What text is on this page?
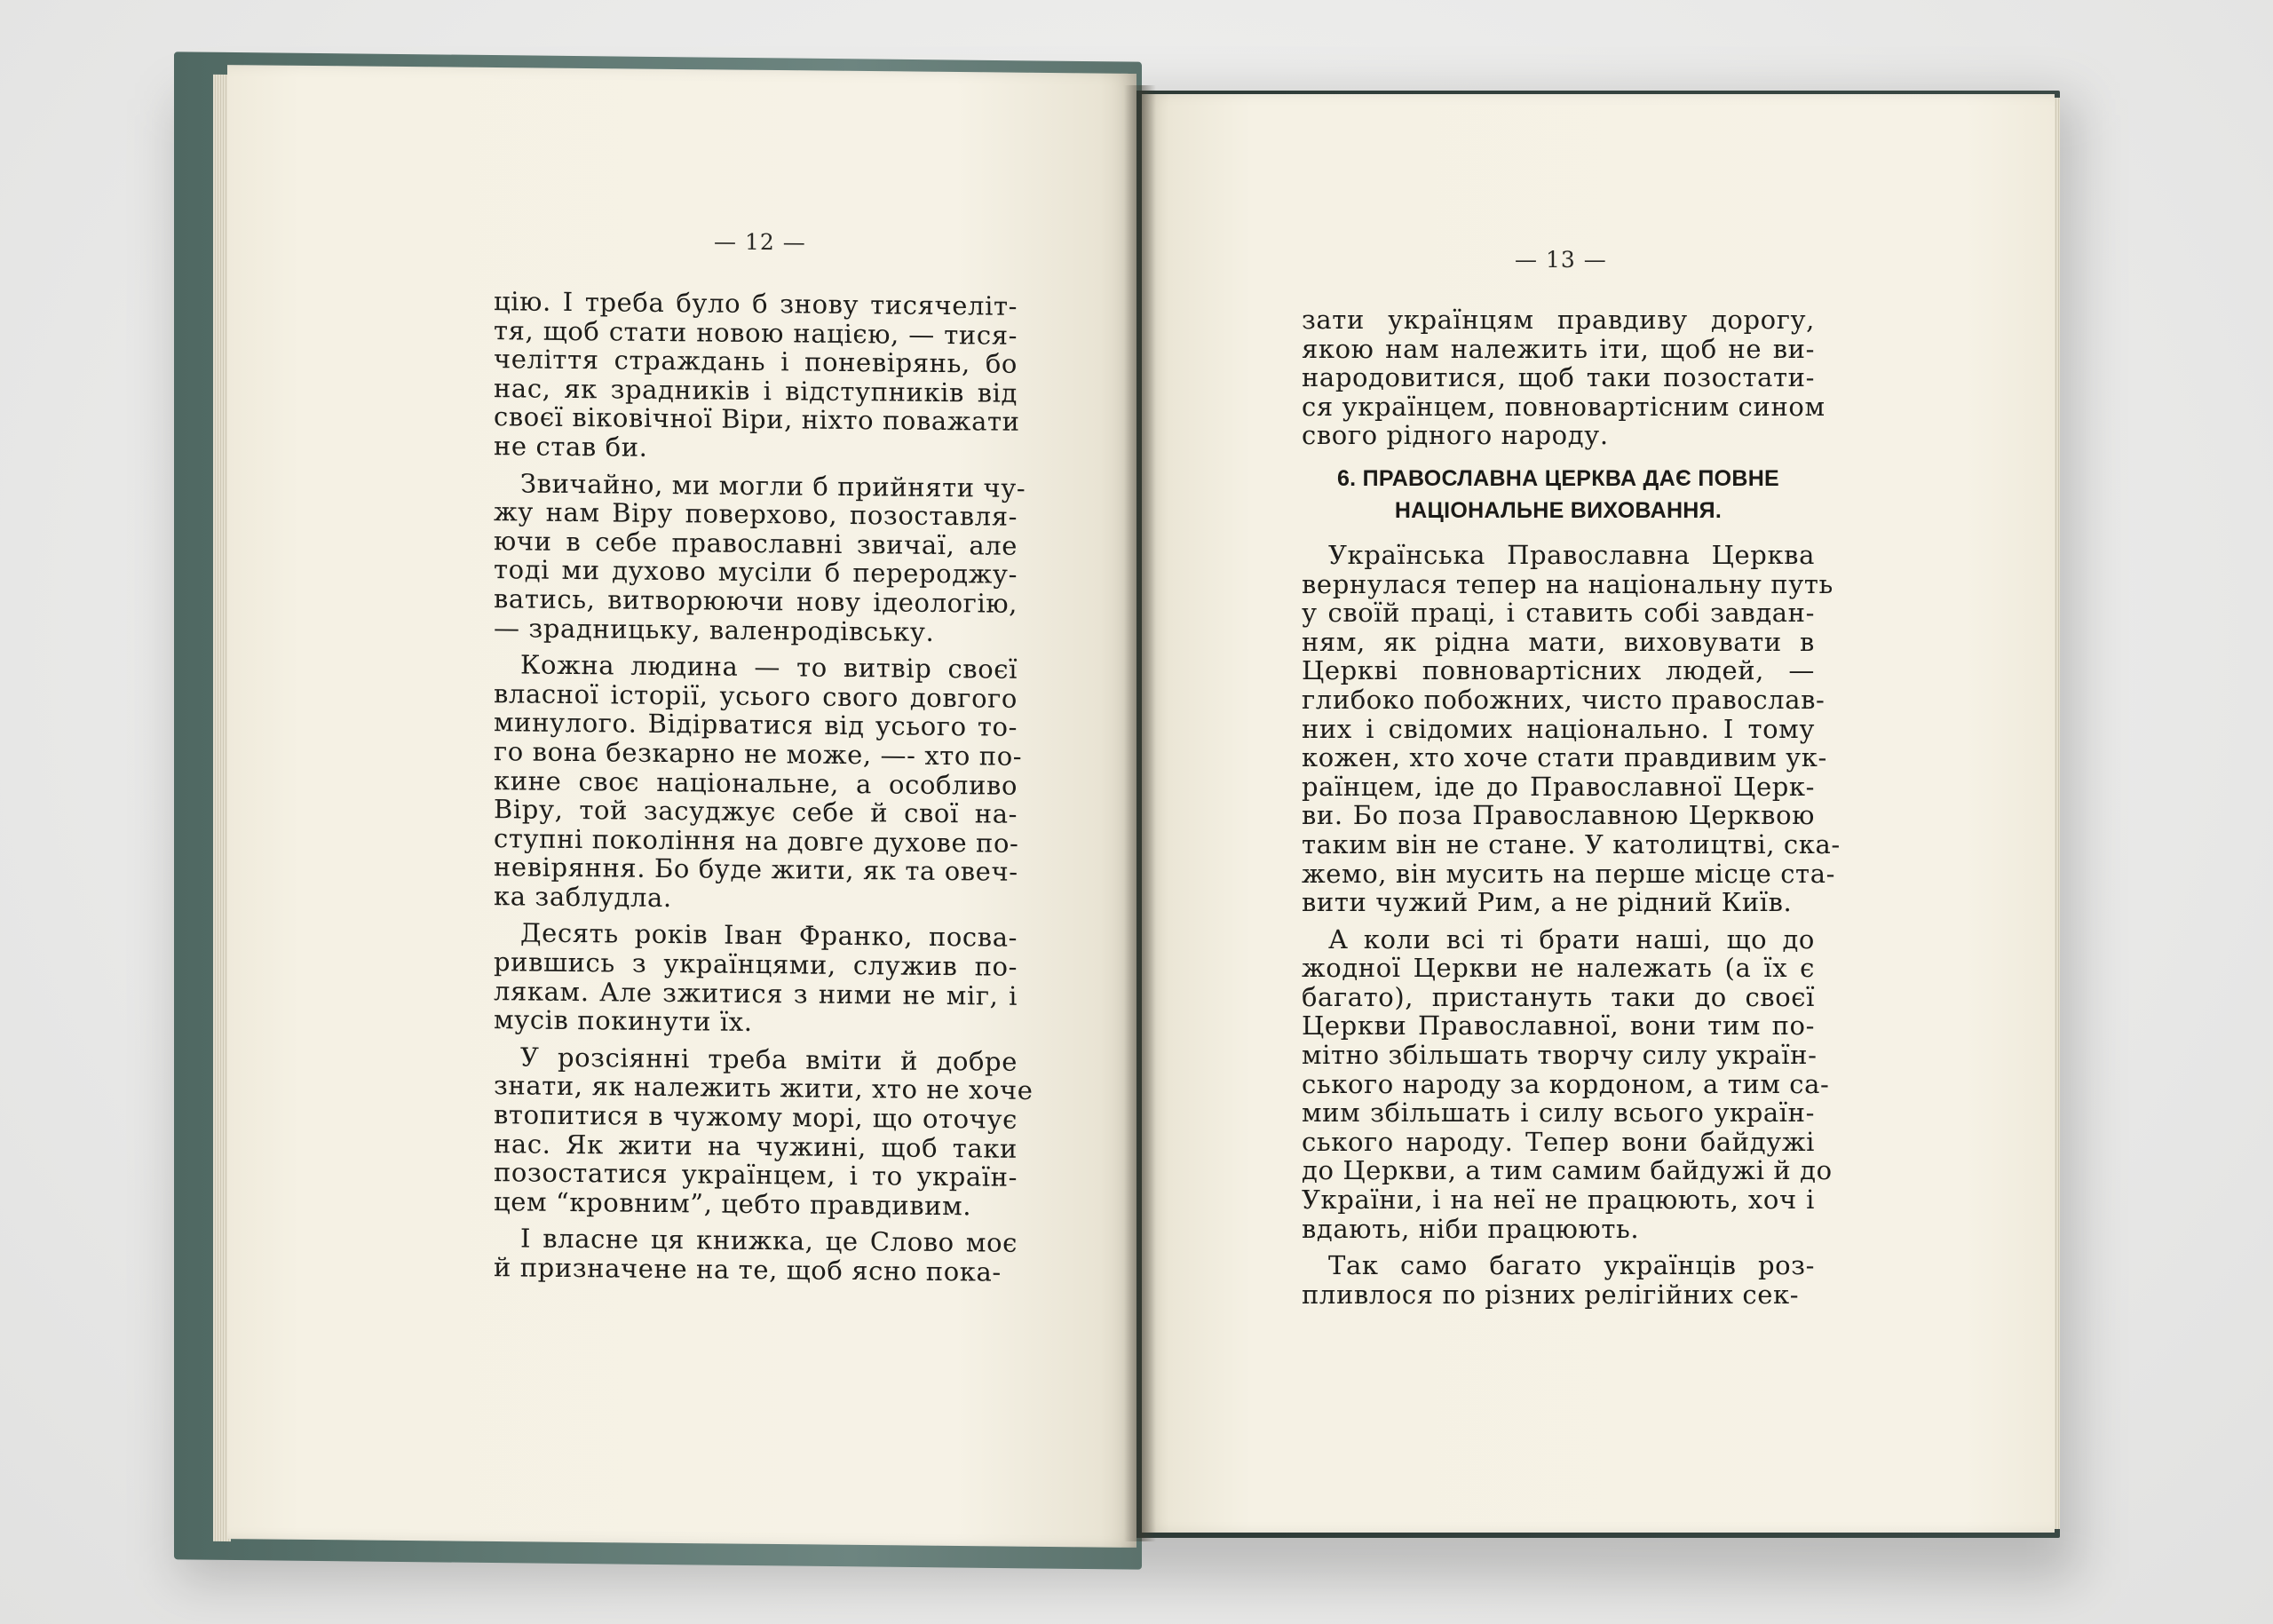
— 12 —
— 13 —
цію. І треба було б знову тисячеліт-
тя, щоб стати новою нацією, — тися-
челіття страждань і поневірянь, бо
нас, як зрадників і відступників від
своєї віковічної Віри, ніхто поважати
не став би.
Звичайно, ми могли б прийняти чу-
жу нам Віру поверхово, позоставля-
ючи в себе православні звичаї, але
тоді ми духово мусіли б перероджу-
ватись, витворюючи нову ідеологію,
— зрадницьку, валенродівську.
Кожна людина — то витвір своєї
власної історії, усього свого довгого
минулого. Відірватися від усього то-
го вона безкарно не може, —- хто по-
кине своє національне, а особливо
Віру, той засуджує себе й свої на-
ступні покоління на довге духове по-
невіряння. Бо буде жити, як та овеч-
ка заблудла.
Десять років Іван Франко, посва-
рившись з українцями, служив по-
лякам. Але зжитися з ними не міг, і
мусів покинути їх.
У розсіянні треба вміти й добре
знати, як належить жити, хто не хоче
втопитися в чужому морі, що оточує
нас. Як жити на чужині, щоб таки
позостатися українцем, і то україн-
цем “кровним”, цебто правдивим.
І власне ця книжка, це Слово моє
й призначене на те, щоб ясно пока-
зати українцям правдиву дорогу,
якою нам належить іти, щоб не ви-
народовитися, щоб таки позостати-
ся українцем, повновартісним сином
свого рідного народу.
6. ПРАВОСЛАВНА ЦЕРКВА ДАЄ ПОВНЕ
НАЦІОНАЛЬНЕ ВИХОВАННЯ.
Українська Православна Церква
вернулася тепер на національну путь
у своїй праці, і ставить собі завдан-
ням, як рідна мати, виховувати в
Церкві повновартісних людей, —
глибоко побожних, чисто православ-
них і свідомих національно. І тому
кожен, хто хоче стати правдивим ук-
раїнцем, іде до Православної Церк-
ви. Бо поза Православною Церквою
таким він не стане. У католицтві, ска-
жемо, він мусить на перше місце ста-
вити чужий Рим, а не рідний Київ.
А коли всі ті брати наші, що до
жодної Церкви не належать (а їх є
багато), пристануть таки до своєї
Церкви Православної, вони тим по-
мітно збільшать творчу силу україн-
ського народу за кордоном, а тим са-
мим збільшать і силу всього україн-
ського народу. Тепер вони байдужі
до Церкви, а тим самим байдужі й до
України, і на неї не працюють, хоч і
вдають, ніби працюють.
Так само багато українців роз-
пливлося по різних релігійних сек-
